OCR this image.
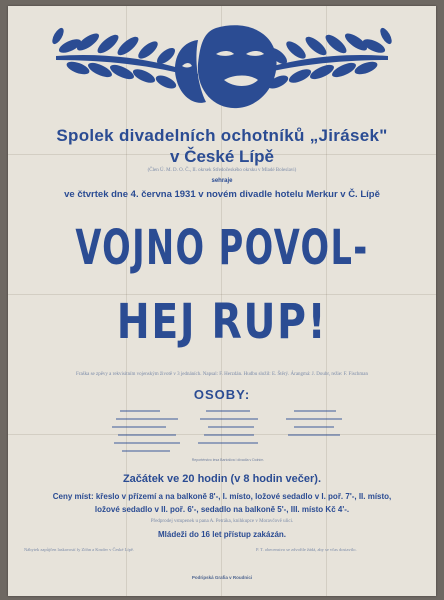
Spolek divadelních ochotníků „Jirásek"
v České Lípě
(Člen Ú. M. D. O. Č., II. okrsek Středočeského okrsku v Mladé Boleslavi)
sehraje
ve čtvrtek dne 4. června 1931 v novém divadle hotelu Merkur v Č. Lípě
VOJNO POVOL-
HEJ RUP!
Fraška se zpěvy a rekvisitním vojenským životě v 3 jednáních. Napsal: F. Herzdán. Hudbu složil: E. Štěrý. Árangmá: J. Doubr, režie: F. Fischman
OSOBY:
Reportérstvo lesa Bartošiva i divadla v Dolním.
Začátek ve 20 hodin (v 8 hodin večer).
Ceny míst: křeslo v přízemí a na balkoně 8'-, I. místo, ložové sedadlo v I. poř. 7'-, II. místo,
ložové sedadlo v II. poř. 6'-, sedadlo na balkoně 5'-, III. místo Kč 4'-.
Předprodej vstupenek u pana A. Petráka, knihkupce v Moravčově ulici.
Mládeži do 16 let přístup zakázán.
Nábytek zapůjčen laskavostí fy Zöhn a Kruder v České Lípě.	P. T. obecenstvo se zdvořile žádá, aby se včas dostavilo.
Podripská Grafia v Roudnici
